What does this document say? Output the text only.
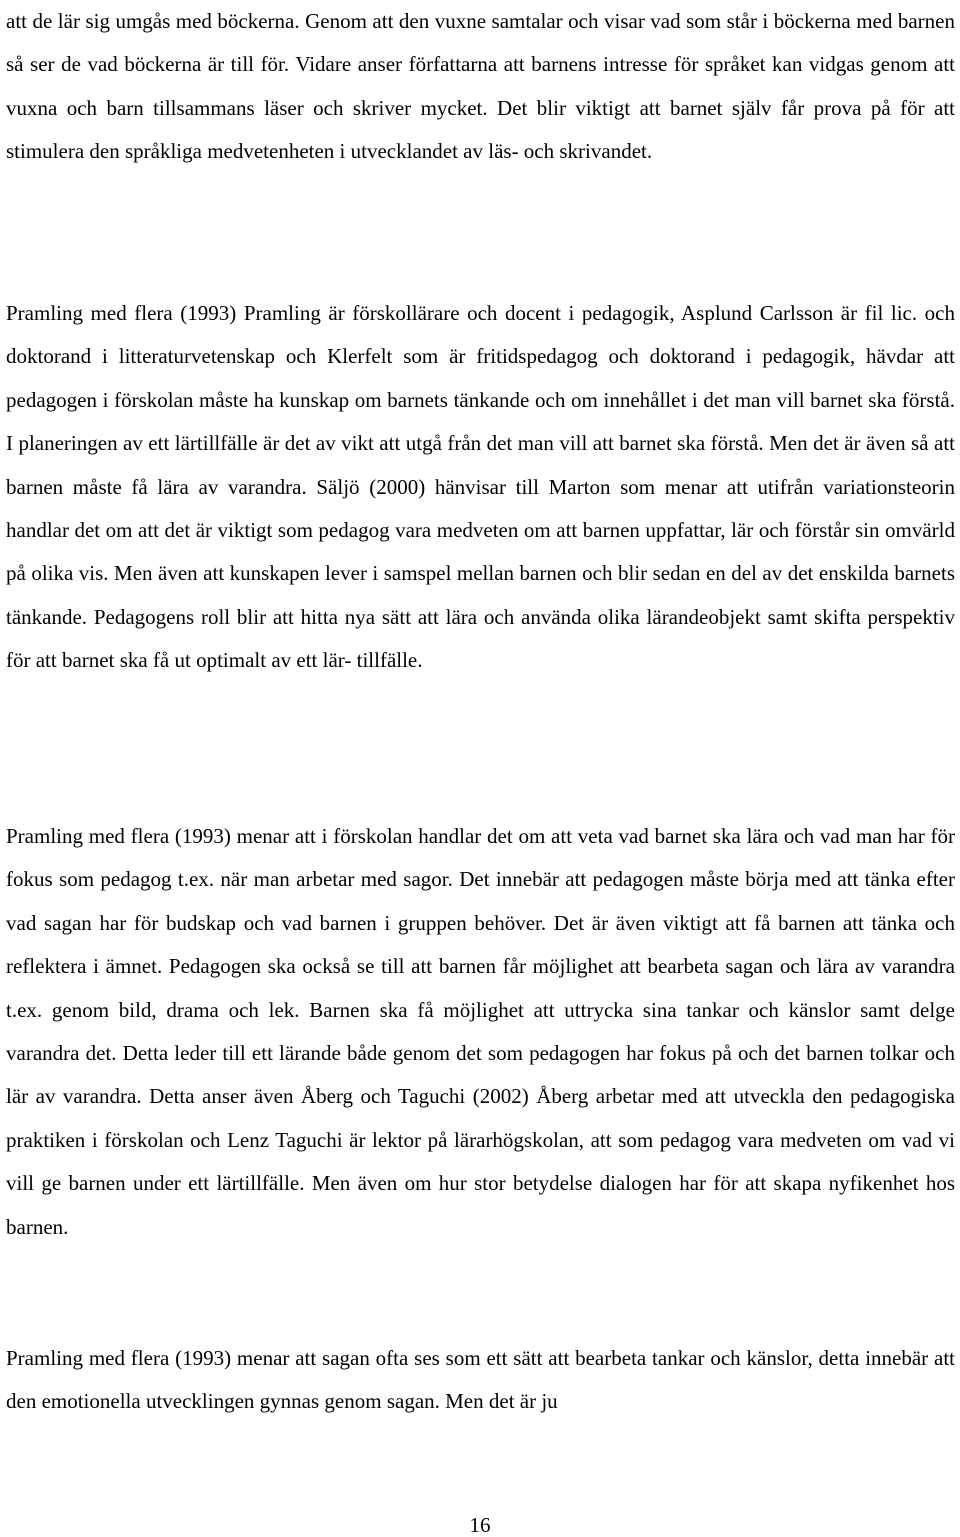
att de lär sig umgås med böckerna. Genom att den vuxne samtalar och visar vad som står i böckerna med barnen så ser de vad böckerna är till för. Vidare anser författarna att barnens intresse för språket kan vidgas genom att vuxna och barn tillsammans läser och skriver mycket. Det blir viktigt att barnet själv får prova på för att stimulera den språkliga medvetenheten i utvecklandet av läs- och skrivandet.

Pramling med flera (1993) Pramling är förskollärare och docent i pedagogik, Asplund Carlsson är fil lic. och doktorand i litteraturvetenskap och Klerfelt som är fritidspedagog och doktorand i pedagogik, hävdar att pedagogen i förskolan måste ha kunskap om barnets tänkande och om innehållet i det man vill barnet ska förstå. I planeringen av ett lärtillfälle är det av vikt att utgå från det man vill att barnet ska förstå. Men det är även så att barnen måste få lära av varandra. Säljö (2000) hänvisar till Marton som menar att utifrån variationsteorin handlar det om att det är viktigt som pedagog vara medveten om att barnen uppfattar, lär och förstår sin omvärld på olika vis. Men även att kunskapen lever i samspel mellan barnen och blir sedan en del av det enskilda barnets tänkande. Pedagogens roll blir att hitta nya sätt att lära och använda olika lärandeobjekt samt skifta perspektiv för att barnet ska få ut optimalt av ett lär- tillfälle.

Pramling med flera (1993) menar att i förskolan handlar det om att veta vad barnet ska lära och vad man har för fokus som pedagog t.ex. när man arbetar med sagor. Det innebär att pedagogen måste börja med att tänka efter vad sagan har för budskap och vad barnen i gruppen behöver. Det är även viktigt att få barnen att tänka och reflektera i ämnet. Pedagogen ska också se till att barnen får möjlighet att bearbeta sagan och lära av varandra t.ex. genom bild, drama och lek. Barnen ska få möjlighet att uttrycka sina tankar och känslor samt delge varandra det. Detta leder till ett lärande både genom det som pedagogen har fokus på och det barnen tolkar och lär av varandra. Detta anser även Åberg och Taguchi (2002) Åberg arbetar med att utveckla den pedagogiska praktiken i förskolan och Lenz Taguchi är lektor på lärarhögskolan, att som pedagog vara medveten om vad vi vill ge barnen under ett lärtillfälle. Men även om hur stor betydelse dialogen har för att skapa nyfikenhet hos barnen.

Pramling med flera (1993) menar att sagan ofta ses som ett sätt att bearbeta tankar och känslor, detta innebär att den emotionella utvecklingen gynnas genom sagan. Men det är ju

16
